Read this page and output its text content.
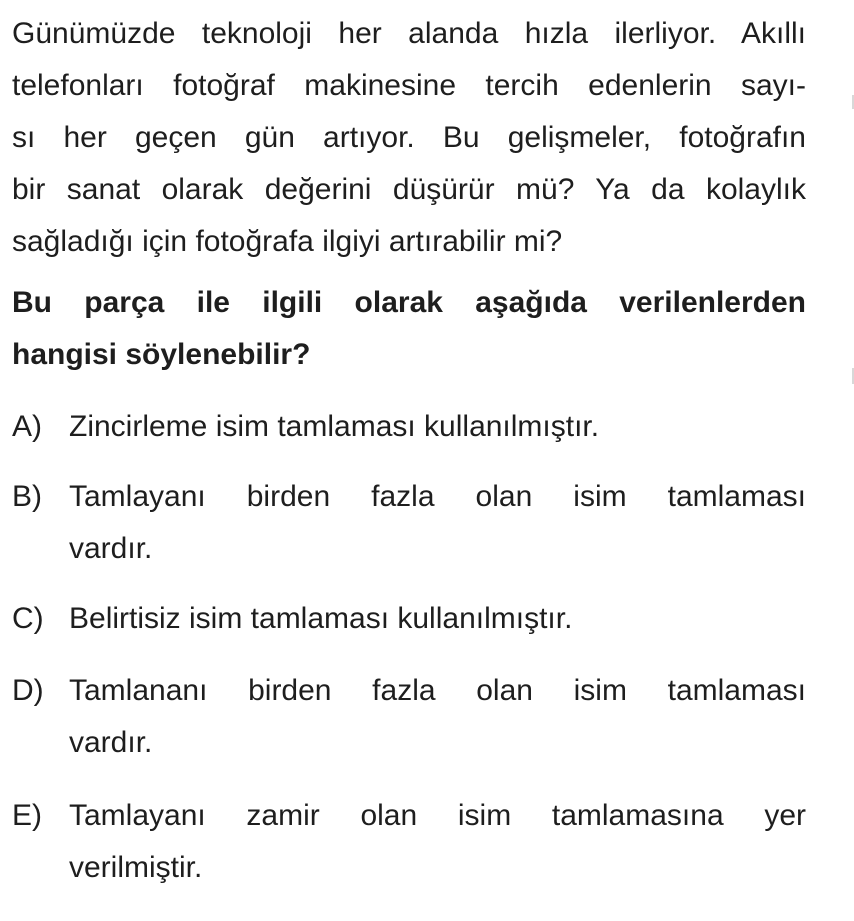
Günümüzde teknoloji her alanda hızla ilerliyor. Akıllı
telefonları fotoğraf makinesine tercih edenlerin sayı-
sı her geçen gün artıyor. Bu gelişmeler, fotoğrafın
bir sanat olarak değerini düşürür mü? Ya da kolaylık
sağladığı için fotoğrafa ilgiyi artırabilir mi?
Bu parça ile ilgili olarak aşağıda verilenlerden
hangisi söylenebilir?
A) Zincirleme isim tamlaması kullanılmıştır.
B) Tamlayanı birden fazla olan isim tamlaması
vardır.
C) Belirtisiz isim tamlaması kullanılmıştır.
D) Tamlananı birden fazla olan isim tamlaması
vardır.
E) Tamlayanı zamir olan isim tamlamasına yer
verilmiştir.
